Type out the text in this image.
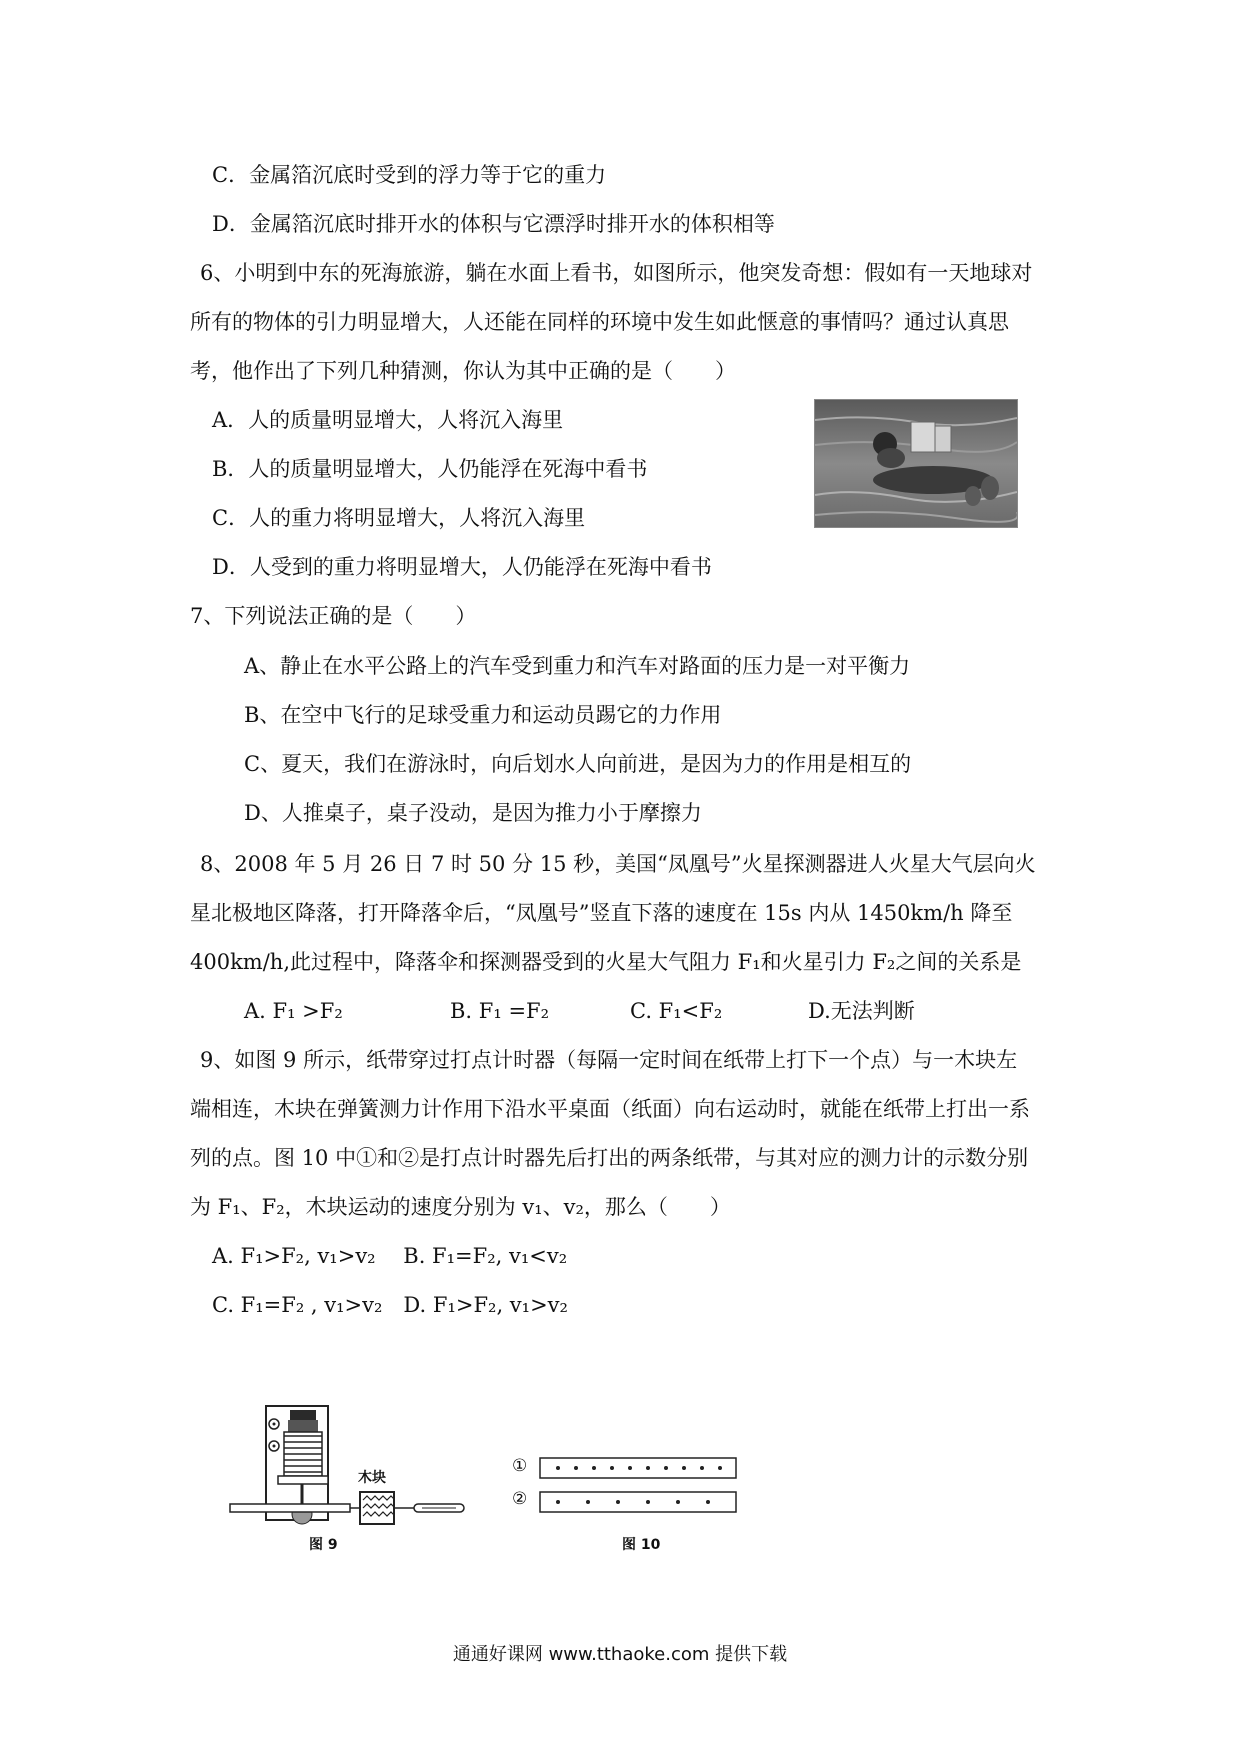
C．金属箔沉底时受到的浮力等于它的重力
D．金属箔沉底时排开水的体积与它漂浮时排开水的体积相等
6、小明到中东的死海旅游，躺在水面上看书，如图所示，他突发奇想：假如有一天地球对
所有的物体的引力明显增大，人还能在同样的环境中发生如此惬意的事情吗？通过认真思
考，他作出了下列几种猜测，你认为其中正确的是（　　）
A．人的质量明显增大，人将沉入海里
B．人的质量明显增大，人仍能浮在死海中看书
C．人的重力将明显增大，人将沉入海里
D．人受到的重力将明显增大，人仍能浮在死海中看书
7、下列说法正确的是（　　）
A、静止在水平公路上的汽车受到重力和汽车对路面的压力是一对平衡力
B、在空中飞行的足球受重力和运动员踢它的力作用
C、夏天，我们在游泳时，向后划水人向前进，是因为力的作用是相互的
D、人推桌子，桌子没动，是因为推力小于摩擦力
8、2008 年 5 月 26 日 7 时 50 分 15 秒，美国“凤凰号”火星探测器进人火星大气层向火
星北极地区降落，打开降落伞后，“凤凰号”竖直下落的速度在 15s 内从 1450km/h 降至
400km/h,此过程中，降落伞和探测器受到的火星大气阻力 F₁和火星引力 F₂之间的关系是
A. F₁ >F₂	B. F₁ =F₂	C. F₁<F₂	D.无法判断
9、如图 9 所示，纸带穿过打点计时器（每隔一定时间在纸带上打下一个点）与一木块左
端相连，木块在弹簧测力计作用下沿水平桌面（纸面）向右运动时，就能在纸带上打出一系
列的点。图 10 中①和②是打点计时器先后打出的两条纸带，与其对应的测力计的示数分别
为 F₁、F₂，木块运动的速度分别为 v₁、v₂，那么（　　）
A. F₁>F₂, v₁>v₂　 B. F₁=F₂, v₁<v₂
C. F₁=F₂ , v₁>v₂　D. F₁>F₂, v₁>v₂
木块
图 9
①
②
图 10
通通好课网 www.tthaoke.com 提供下载
